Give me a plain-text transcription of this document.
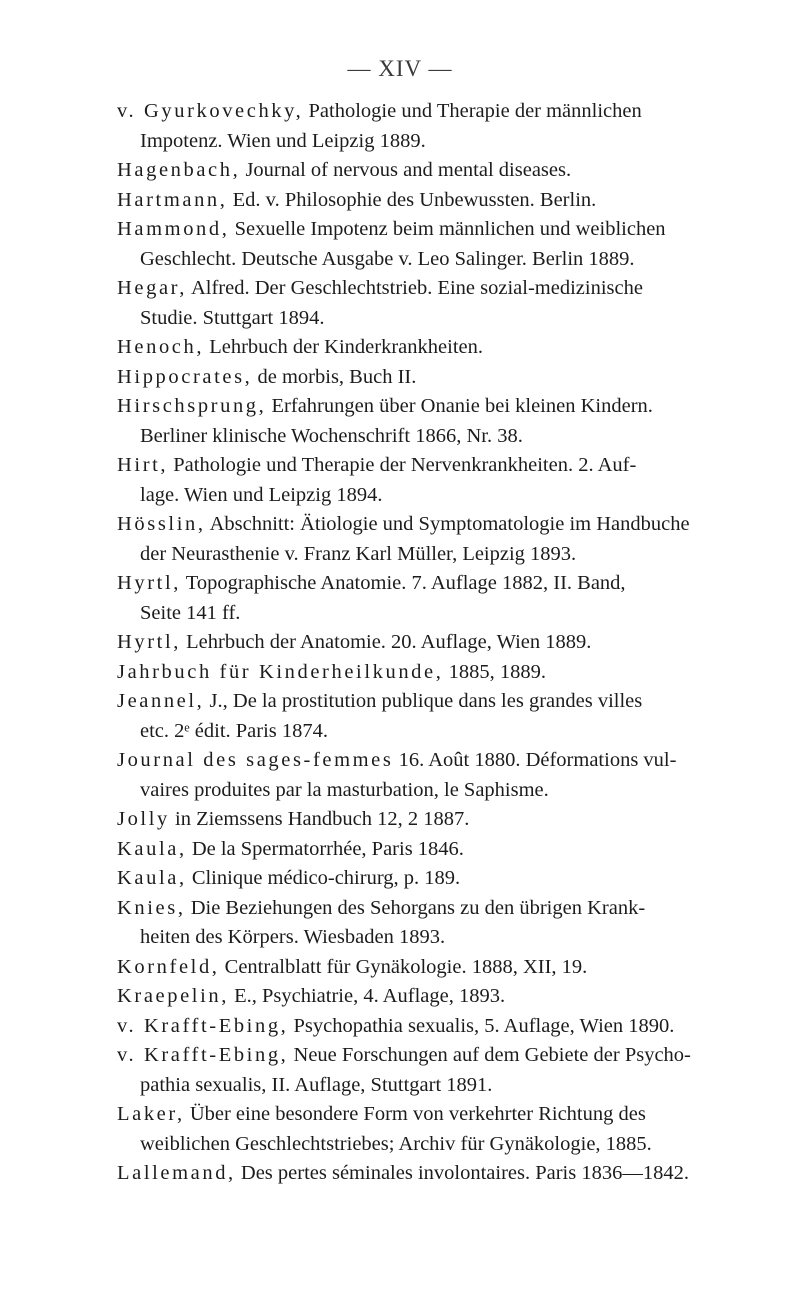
— XIV —
v. Gyurkovechky, Pathologie und Therapie der männlichen
Impotenz. Wien und Leipzig 1889.
Hagenbach, Journal of nervous and mental diseases.
Hartmann, Ed. v. Philosophie des Unbewussten. Berlin.
Hammond, Sexuelle Impotenz beim männlichen und weiblichen
Geschlecht. Deutsche Ausgabe v. Leo Salinger. Berlin 1889.
Hegar, Alfred. Der Geschlechtstrieb. Eine sozial-medizinische
Studie. Stuttgart 1894.
Henoch, Lehrbuch der Kinderkrankheiten.
Hippocrates, de morbis, Buch II.
Hirschsprung, Erfahrungen über Onanie bei kleinen Kindern.
Berliner klinische Wochenschrift 1866, Nr. 38.
Hirt, Pathologie und Therapie der Nervenkrankheiten. 2. Auf-
lage. Wien und Leipzig 1894.
Hösslin, Abschnitt: Ätiologie und Symptomatologie im Handbuche
der Neurasthenie v. Franz Karl Müller, Leipzig 1893.
Hyrtl, Topographische Anatomie. 7. Auflage 1882, II. Band,
Seite 141 ff.
Hyrtl, Lehrbuch der Anatomie. 20. Auflage, Wien 1889.
Jahrbuch für Kinderheilkunde, 1885, 1889.
Jeannel, J., De la prostitution publique dans les grandes villes
etc. 2ᵉ édit. Paris 1874.
Journal des sages-femmes 16. Août 1880. Déformations vul-
vaires produites par la masturbation, le Saphisme.
Jolly in Ziemssens Handbuch 12, 2 1887.
Kaula, De la Spermatorrhée, Paris 1846.
Kaula, Clinique médico-chirurg, p. 189.
Knies, Die Beziehungen des Sehorgans zu den übrigen Krank-
heiten des Körpers. Wiesbaden 1893.
Kornfeld, Centralblatt für Gynäkologie. 1888, XII, 19.
Kraepelin, E., Psychiatrie, 4. Auflage, 1893.
v. Krafft-Ebing, Psychopathia sexualis, 5. Auflage, Wien 1890.
v. Krafft-Ebing, Neue Forschungen auf dem Gebiete der Psycho-
pathia sexualis, II. Auflage, Stuttgart 1891.
Laker, Über eine besondere Form von verkehrter Richtung des
weiblichen Geschlechtstriebes; Archiv für Gynäkologie, 1885.
Lallemand, Des pertes séminales involontaires. Paris 1836—1842.
